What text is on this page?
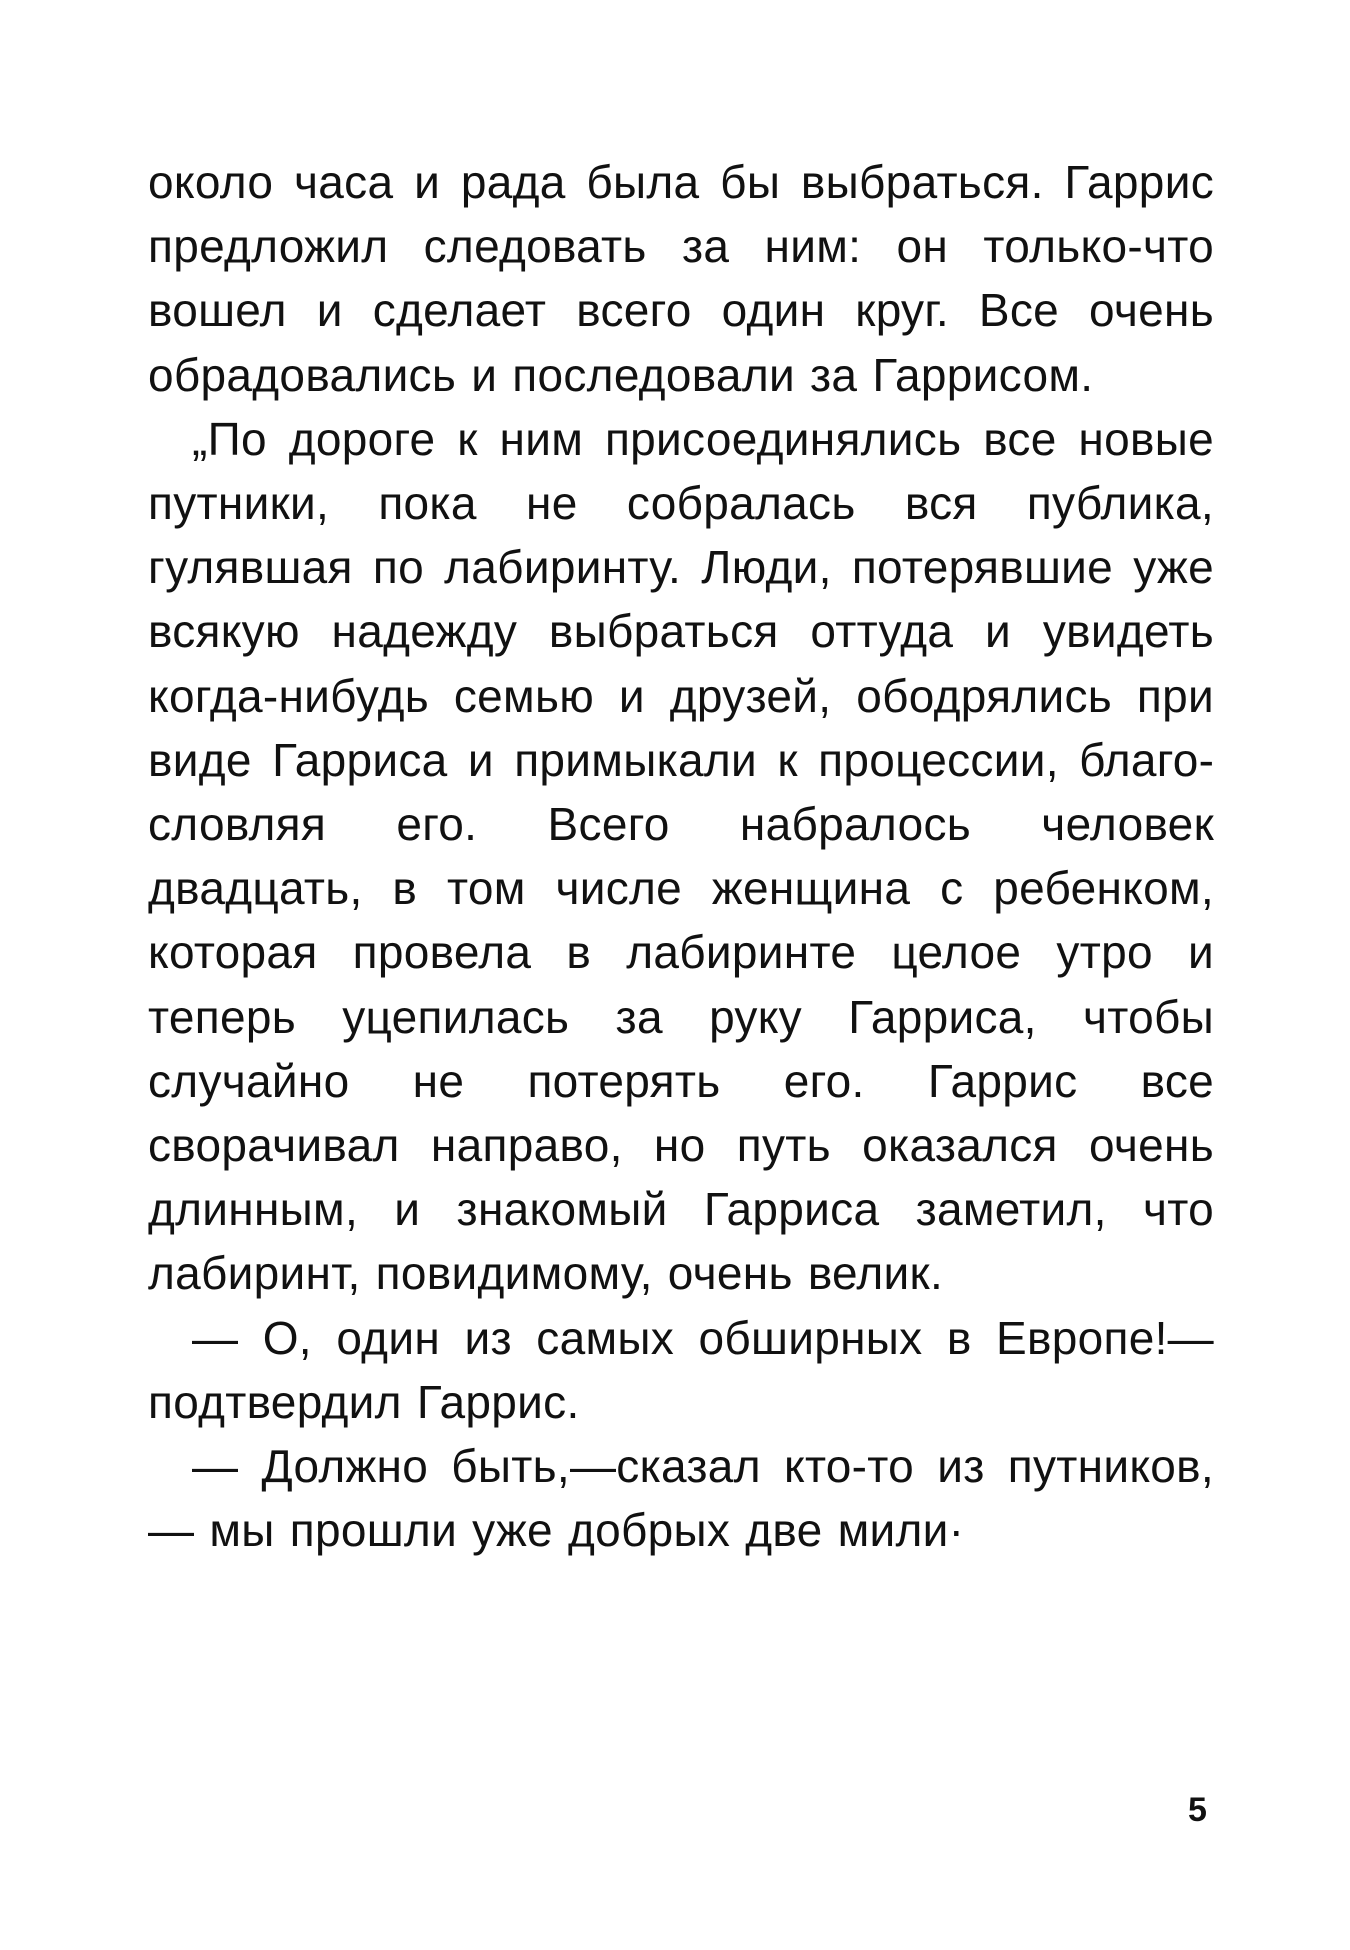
около часа и рада была бы выбраться. Гаррис предложил следовать за ним: он только-что вошел и сделает всего один круг. Все очень обрадовались и последовали за Гаррисом.

„По дороге к ним присоединялись все новые путники, пока не собралась вся публика, гулявшая по лабиринту. Люди, потерявшие уже всякую надежду выбраться оттуда и увидеть когда-нибудь семью и друзей, ободрялись при виде Гарриса и примыкали к процессии, благословляя его. Всего набралось человек двадцать, в том числе женщина с ребенком, которая провела в лабиринте целое утро и теперь уцепилась за руку Гарриса, чтобы случайно не потерять его. Гаррис все сворачивал направо, но путь оказался очень длинным, и знакомый Гарриса заметил, что лабиринт, повидимому, очень велик.

— О, один из самых обширных в Европе!—подтвердил Гаррис.

— Должно быть,—сказал кто-то из путников, — мы прошли уже добрых две мили·

5
